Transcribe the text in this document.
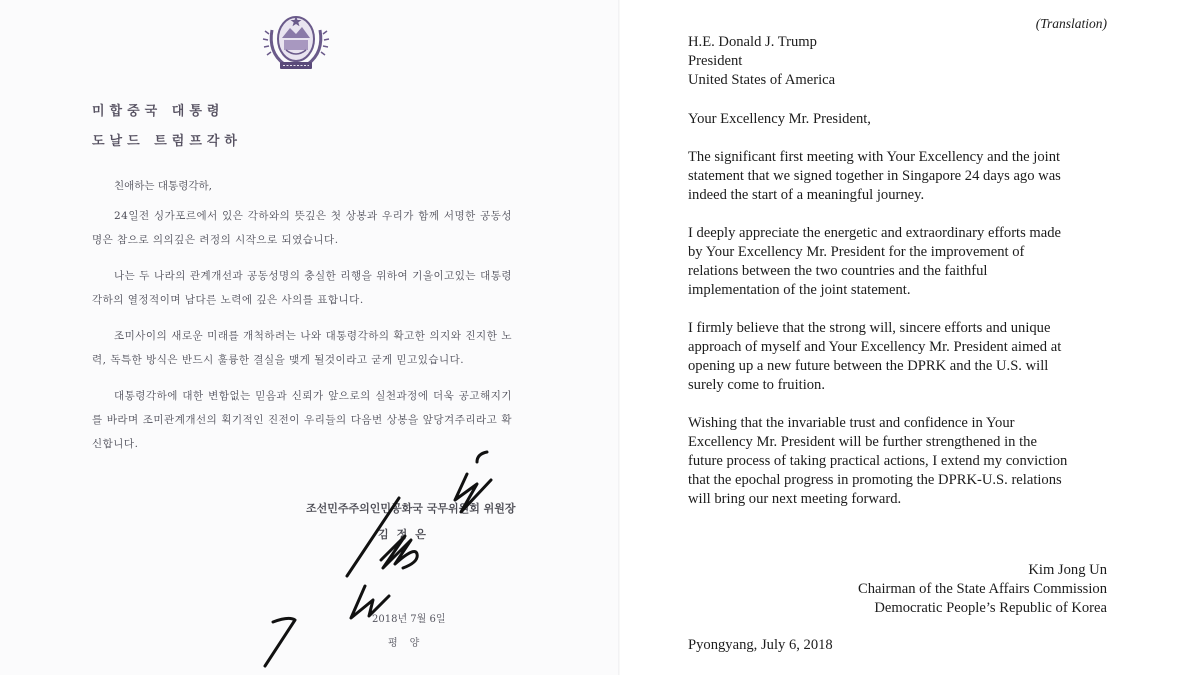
미합중국 대통령
도날드 트럼프각하
친애하는 대통령각하,

24일전 싱가포르에서 있은 각하와의 뜻깊은 첫 상봉과 우리가 함께 서명한 공동성명은 참으로 의의깊은 려정의 시작으로 되였습니다.

나는 두 나라의 관계개선과 공동성명의 충실한 리행을 위하여 기울이고있는 대통령각하의 열정적이며 남다른 노력에 깊은 사의를 표합니다.

조미사이의 새로운 미래를 개척하려는 나와 대통령각하의 확고한 의지와 진지한 노력, 독특한 방식은 반드시 훌륭한 결실을 맺게 될것이라고 굳게 믿고있습니다.

대통령각하에 대한 변함없는 믿음과 신뢰가 앞으로의 실천과정에 더욱 공고해지기를 바라며 조미관계개선의 획기적인 진전이 우리들의 다음번 상봉을 앞당겨주리라고 확신합니다.

조선민주주의인민공화국 국무위원회 위원장
김정은
2018년 7월 6일
평양
(Translation)
H.E. Donald J. Trump
President
United States of America
Your Excellency Mr. President,

The significant first meeting with Your Excellency and the joint
statement that we signed together in Singapore 24 days ago was
indeed the start of a meaningful journey.

I deeply appreciate the energetic and extraordinary efforts made
by Your Excellency Mr. President for the improvement of
relations between the two countries and the faithful
implementation of the joint statement.

I firmly believe that the strong will, sincere efforts and unique
approach of myself and Your Excellency Mr. President aimed at
opening up a new future between the DPRK and the U.S. will
surely come to fruition.

Wishing that the invariable trust and confidence in Your
Excellency Mr. President will be further strengthened in the
future process of taking practical actions, I extend my conviction
that the epochal progress in promoting the DPRK-U.S. relations
will bring our next meeting forward.

Kim Jong Un
Chairman of the State Affairs Commission
Democratic People’s Republic of Korea
Pyongyang, July 6, 2018
